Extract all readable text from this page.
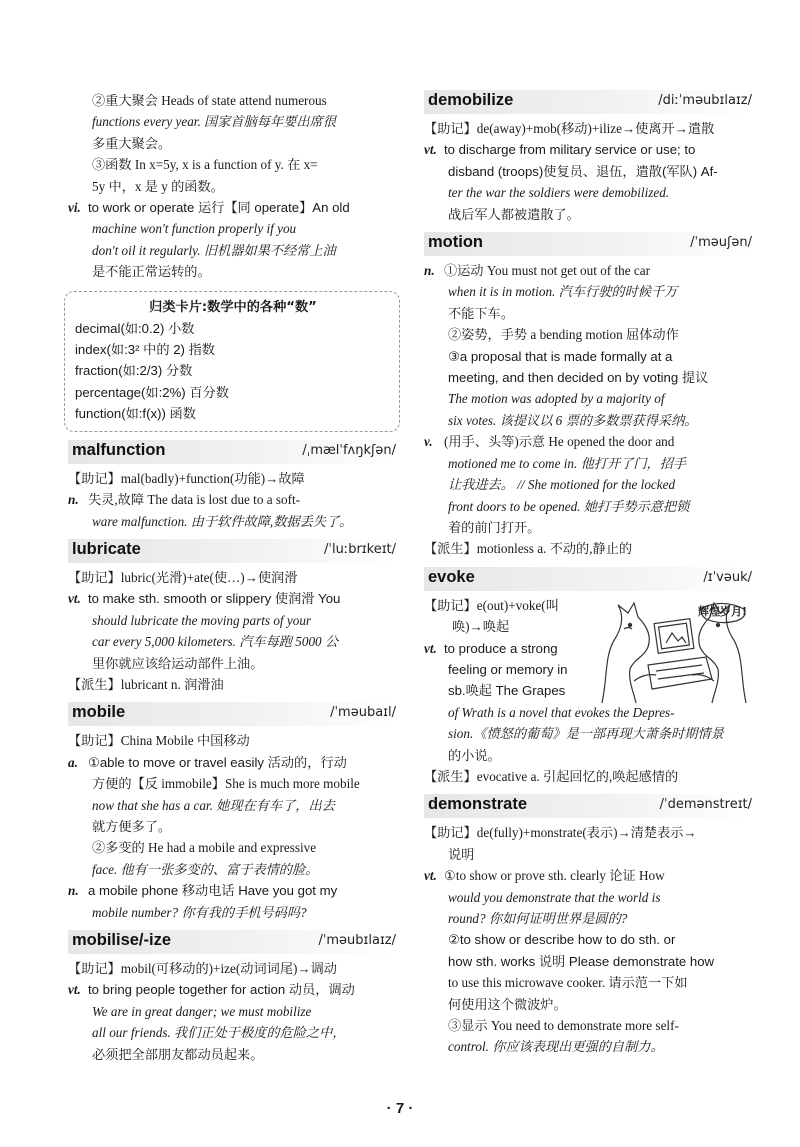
②重大聚会 Heads of state attend numerous
functions every year. 国家首脑每年要出席很
多重大聚会。
③函数 In x=5y, x is a function of y. 在 x=
5y 中，x 是 y 的函数。
vi. to work or operate 运行【同 operate】An old
machine won't function properly if you
don't oil it regularly. 旧机器如果不经常上油
是不能正常运转的。
归类卡片:数学中的各种“数”
decimal(如:0.2) 小数
index(如:3² 中的 2) 指数
fraction(如:2/3) 分数
percentage(如:2%) 百分数
function(如:f(x)) 函数
malfunction	/ˌmælˈfʌŋkʃən/
【助记】mal(badly)+function(功能)→故障
n. 失灵,故障 The data is lost due to a soft-
ware malfunction. 由于软件故障,数据丢失了。
lubricate	/ˈluːbrɪkeɪt/
【助记】lubric(光滑)+ate(使…)→使润滑
vt. to make sth. smooth or slippery 使润滑 You
should lubricate the moving parts of your
car every 5,000 kilometers. 汽车每跑 5000 公
里你就应该给运动部件上油。
【派生】lubricant n. 润滑油
mobile	/ˈməubaɪl/
【助记】China Mobile 中国移动
a. ①able to move or travel easily 活动的，行动
方便的【反 immobile】She is much more mobile
now that she has a car. 她现在有车了，出去
就方便多了。
②多变的 He had a mobile and expressive
face. 他有一张多变的、富于表情的脸。
n. a mobile phone 移动电话 Have you got my
mobile number? 你有我的手机号码吗?
mobilise/-ize	/ˈməubɪlaɪz/
【助记】mobil(可移动的)+ize(动词词尾)→调动
vt. to bring people together for action 动员，调动
We are in great danger; we must mobilize
all our friends. 我们正处于极度的危险之中，
必须把全部朋友都动员起来。
demobilize	/diːˈməubɪlaɪz/
【助记】de(away)+mob(移动)+ilize→使离开→遣散
vt. to discharge from military service or use; to
disband (troops)使复员、退伍，遣散(军队) Af-
ter the war the soldiers were demobilized.
战后军人都被遣散了。
motion	/ˈməuʃən/
n. ①运动 You must not get out of the car
when it is in motion. 汽车行驶的时候千万
不能下车。
②姿势，手势 a bending motion 屈体动作
③a proposal that is made formally at a
meeting, and then decided on by voting 提议
The motion was adopted by a majority of
six votes. 该提议以 6 票的多数票获得采纳。
v. (用手、头等)示意 He opened the door and
motioned me to come in. 他打开了门，招手
让我进去。 // She motioned for the locked
front doors to be opened. 她打手势示意把锁
着的前门打开。
【派生】motionless a. 不动的,静止的
evoke	/ɪˈvəuk/
辉煌岁月!
【助记】e(out)+voke(叫
唤)→唤起
vt. to produce a strong
feeling or memory in
sb.唤起 The Grapes
of Wrath is a novel that evokes the Depres-
sion.《愤怒的葡萄》是一部再现大萧条时期情景
的小说。
【派生】evocative a. 引起回忆的,唤起感情的
demonstrate	/ˈdemənstreɪt/
【助记】de(fully)+monstrate(表示)→清楚表示→
说明
vt. ①to show or prove sth. clearly 论证 How
would you demonstrate that the world is
round? 你如何证明世界是圆的?
②to show or describe how to do sth. or
how sth. works 说明 Please demonstrate how
to use this microwave cooker. 请示范一下如
何使用这个微波炉。
③显示 You need to demonstrate more self-
control. 你应该表现出更强的自制力。
· 7 ·
